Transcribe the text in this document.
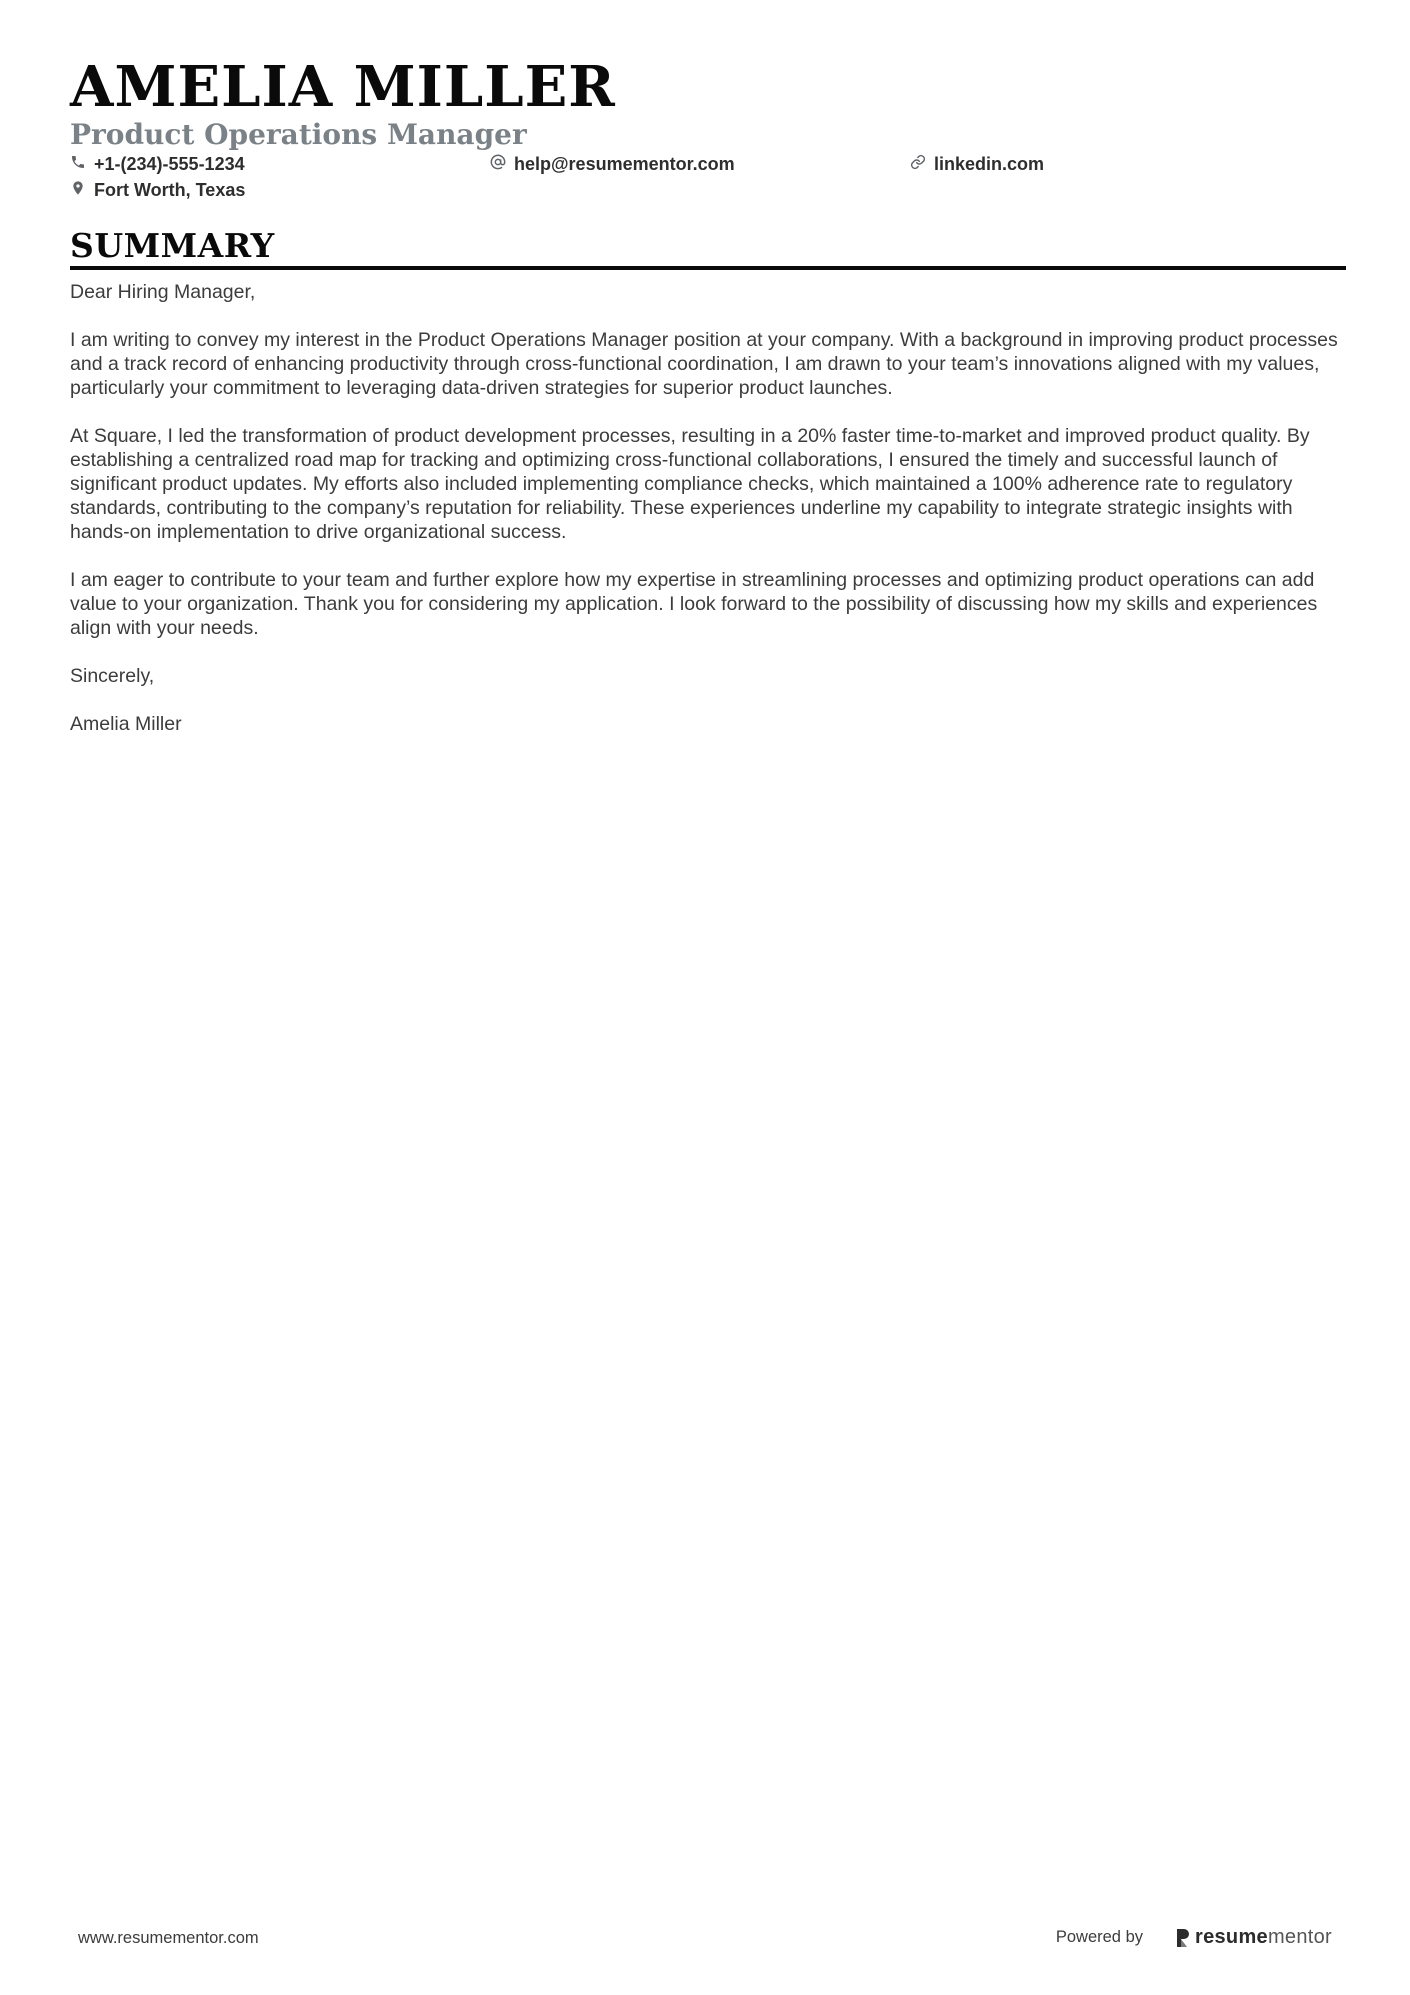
AMELIA MILLER
Product Operations Manager
+1-(234)-555-1234	help@resumementor.com	linkedin.com
Fort Worth, Texas
SUMMARY

Dear Hiring Manager,

I am writing to convey my interest in the Product Operations Manager position at your company. With a background in improving product processes and a track record of enhancing productivity through cross-functional coordination, I am drawn to your team’s innovations aligned with my values, particularly your commitment to leveraging data-driven strategies for superior product launches.

At Square, I led the transformation of product development processes, resulting in a 20% faster time-to-market and improved product quality. By establishing a centralized road map for tracking and optimizing cross-functional collaborations, I ensured the timely and successful launch of significant product updates. My efforts also included implementing compliance checks, which maintained a 100% adherence rate to regulatory standards, contributing to the company’s reputation for reliability. These experiences underline my capability to integrate strategic insights with hands-on implementation to drive organizational success.

I am eager to contribute to your team and further explore how my expertise in streamlining processes and optimizing product operations can add value to your organization. Thank you for considering my application. I look forward to the possibility of discussing how my skills and experiences align with your needs.

Sincerely,

Amelia Miller

www.resumementor.com	Powered by	resumementor
